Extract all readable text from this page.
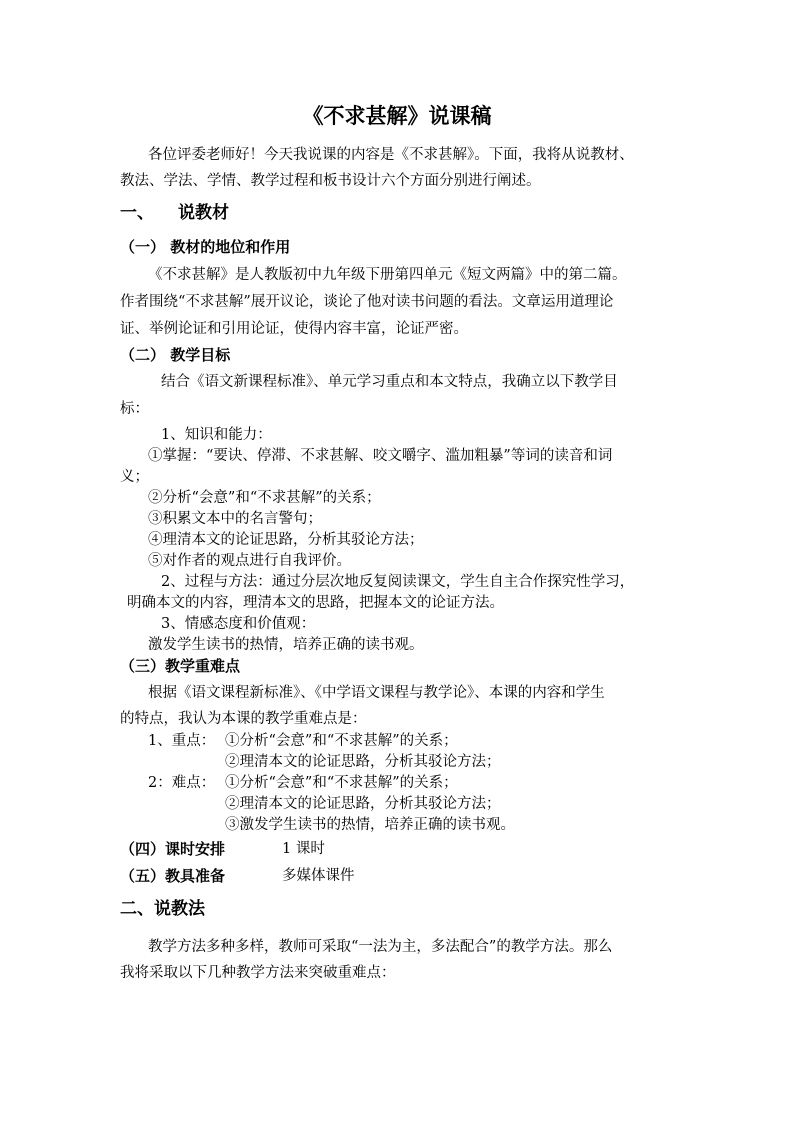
《不求甚解》说课稿
各位评委老师好！今天我说课的内容是《不求甚解》。下面，我将从说教材、
教法、学法、学情、教学过程和板书设计六个方面分别进行阐述。
一、 说教材
（一） 教材的地位和作用
《不求甚解》是人教版初中九年级下册第四单元《短文两篇》中的第二篇。
作者围绕“不求甚解”展开议论，谈论了他对读书问题的看法。文章运用道理论
证、举例论证和引用论证，使得内容丰富，论证严密。
（二） 教学目标
结合《语文新课程标准》、单元学习重点和本文特点，我确立以下教学目
标：
1、知识和能力：
①掌握：“要诀、停滞、不求甚解、咬文嚼字、滥加粗暴”等词的读音和词
义；
②分析“会意”和“不求甚解”的关系；
③积累文本中的名言警句；
④理清本文的论证思路，分析其驳论方法；
⑤对作者的观点进行自我评价。
2、过程与方法：通过分层次地反复阅读课文，学生自主合作探究性学习，
明确本文的内容，理清本文的思路，把握本文的论证方法。
3、情感态度和价值观：
激发学生读书的热情，培养正确的读书观。
（三）教学重难点
根据《语文课程新标准》、《中学语文课程与教学论》、本课的内容和学生
的特点，我认为本课的教学重难点是：
1、重点： ①分析“会意”和“不求甚解”的关系；
②理清本文的论证思路，分析其驳论方法；
2：难点： ①分析“会意”和“不求甚解”的关系；
②理清本文的论证思路，分析其驳论方法；
③激发学生读书的热情，培养正确的读书观。
（四）课时安排	1 课时
（五）教具准备	多媒体课件
二、说教法
教学方法多种多样，教师可采取“一法为主，多法配合”的教学方法。那么
我将采取以下几种教学方法来突破重难点：
